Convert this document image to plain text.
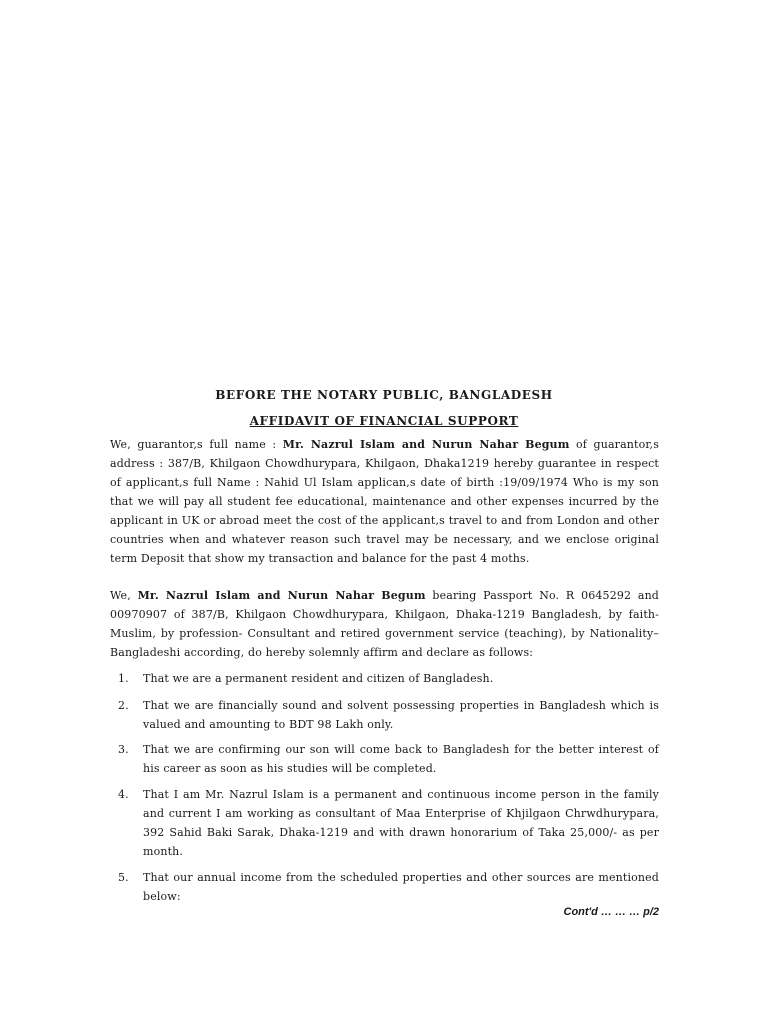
BEFORE THE NOTARY PUBLIC, BANGLADESH
AFFIDAVIT OF FINANCIAL SUPPORT
We, guarantor,s full name : Mr. Nazrul Islam and Nurun Nahar Begum of guarantor,s address : 387/B, Khilgaon Chowdhurypara, Khilgaon, Dhaka1219 hereby guarantee in respect of applicant,s full Name : Nahid Ul Islam applican,s date of birth :19/09/1974 Who is my son that we will pay all student fee educational, maintenance and other expenses incurred by the applicant in UK or abroad meet the cost of the applicant,s travel to and from London and other countries when and whatever reason such travel may be necessary, and we enclose original term Deposit that show my transaction and balance for the past 4 moths.
We, Mr. Nazrul Islam and Nurun Nahar Begum bearing Passport No. R 0645292 and 00970907 of 387/B, Khilgaon Chowdhurypara, Khilgaon, Dhaka-1219 Bangladesh, by faith- Muslim, by profession- Consultant and retired government service (teaching), by Nationality– Bangladeshi according, do hereby solemnly affirm and declare as follows:
1. That we are a permanent resident and citizen of Bangladesh.
2. That we are financially sound and solvent possessing properties in Bangladesh which is valued and amounting to BDT 98 Lakh only.
3. That we are confirming our son will come back to Bangladesh for the better interest of his career as soon as his studies will be completed.
4. That I am Mr. Nazrul Islam is a permanent and continuous income person in the family and current I am working as consultant of Maa Enterprise of Khjilgaon Chrwdhurypara, 392 Sahid Baki Sarak, Dhaka-1219 and with drawn honorarium of Taka 25,000/- as per month.
5. That our annual income from the scheduled properties and other sources are mentioned below:
Cont'd … … … p/2
